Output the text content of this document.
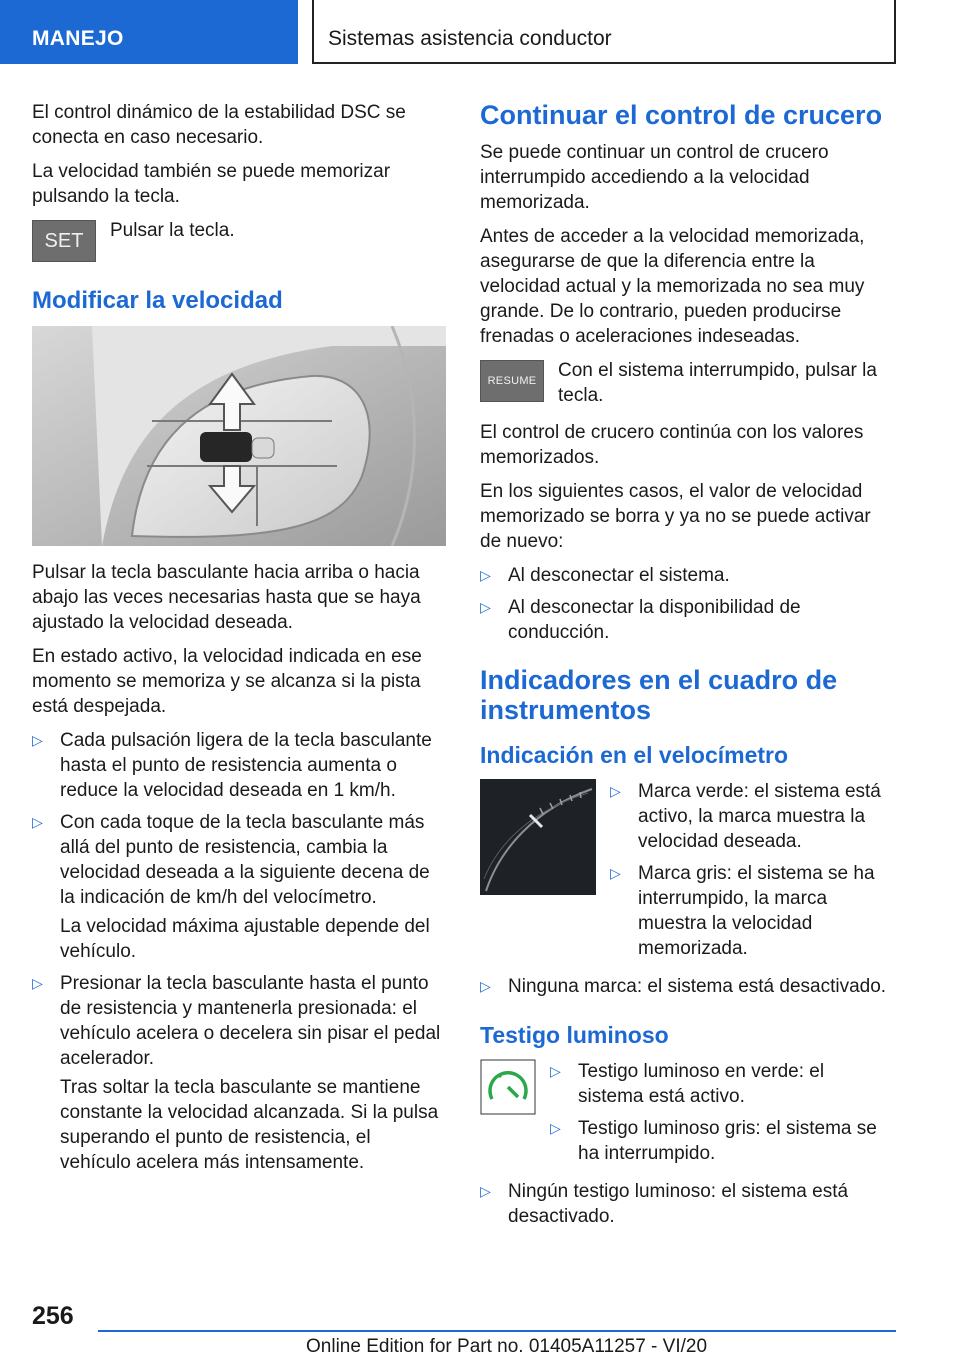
MANEJO	Sistemas asistencia conductor

El control dinámico de la estabilidad DSC se conecta en caso necesario.

La velocidad también se puede memorizar pulsando la tecla.

SET Pulsar la tecla.
Modificar la velocidad

Pulsar la tecla basculante hacia arriba o hacia abajo las veces necesarias hasta que se haya ajustado la velocidad deseada.

En estado activo, la velocidad indicada en ese momento se memoriza y se alcanza si la pista está despejada.

▷ Cada pulsación ligera de la tecla basculante hasta el punto de resistencia aumenta o reduce la velocidad deseada en 1 km/h.
▷ Con cada toque de la tecla basculante más allá del punto de resistencia, cambia la velocidad deseada a la siguiente decena de la indicación de km/h del velocímetro.
La velocidad máxima ajustable depende del vehículo.
▷ Presionar la tecla basculante hasta el punto de resistencia y mantenerla presionada: el vehículo acelera o decelera sin pisar el pedal acelerador.
Tras soltar la tecla basculante se mantiene constante la velocidad alcanzada. Si la pulsa superando el punto de resistencia, el vehículo acelera más intensamente.
Continuar el control de crucero

Se puede continuar un control de crucero interrumpido accediendo a la velocidad memorizada.

Antes de acceder a la velocidad memorizada, asegurarse de que la diferencia entre la velocidad actual y la memorizada no sea muy grande. De lo contrario, pueden producirse frenadas o aceleraciones indeseadas.

RESUME Con el sistema interrumpido, pulsar la tecla.

El control de crucero continúa con los valores memorizados.

En los siguientes casos, el valor de velocidad memorizado se borra y ya no se puede activar de nuevo:

▷ Al desconectar el sistema.
▷ Al desconectar la disponibilidad de conducción.
Indicadores en el cuadro de instrumentos
Indicación en el velocímetro
▷ Marca verde: el sistema está activo, la marca muestra la velocidad deseada.
▷ Marca gris: el sistema se ha interrumpido, la marca muestra la velocidad memorizada.
▷ Ninguna marca: el sistema está desactivado.
Testigo luminoso
▷ Testigo luminoso en verde: el sistema está activo.
▷ Testigo luminoso gris: el sistema se ha interrumpido.
▷ Ningún testigo luminoso: el sistema está desactivado.
256
Online Edition for Part no. 01405A11257 - VI/20
